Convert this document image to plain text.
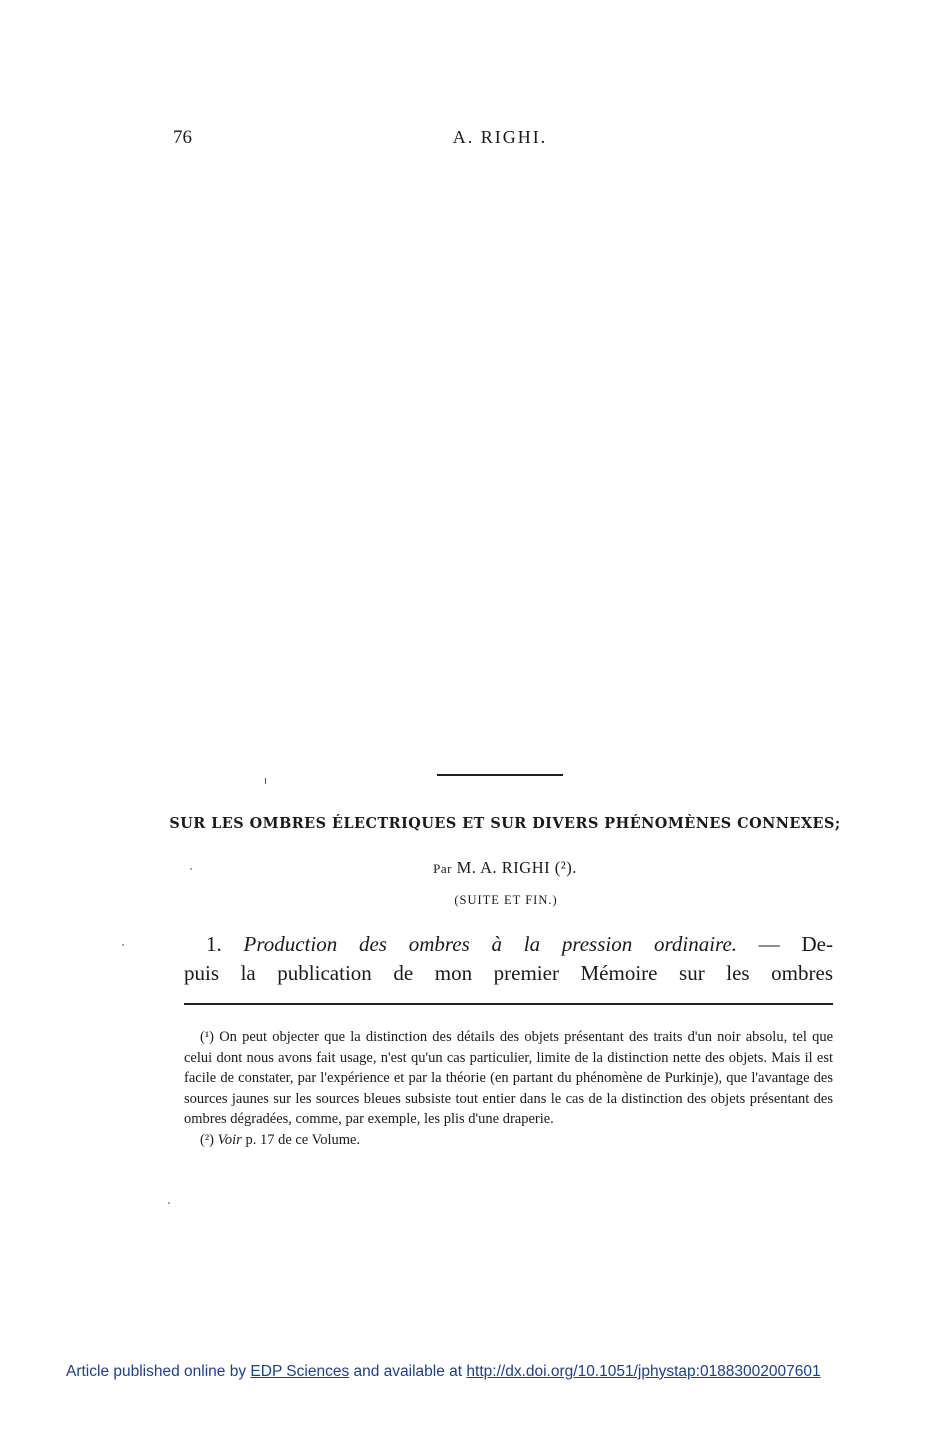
76	A. RIGHI.
SUR LES OMBRES ÉLECTRIQUES ET SUR DIVERS PHÉNOMÈNES CONNEXES;
Par M. A. RIGHI (²).
(SUITE ET FIN.)
1. Production des ombres à la pression ordinaire. — De-
puis la publication de mon premier Mémoire sur les ombres

(¹) On peut objecter que la distinction des détails des objets présentant des traits d'un noir absolu, tel que celui dont nous avons fait usage, n'est qu'un cas particulier, limite de la distinction nette des objets. Mais il est facile de constater, par l'expérience et par la théorie (en partant du phénomène de Purkinje), que l'avantage des sources jaunes sur les sources bleues subsiste tout entier dans le cas de la distinction des objets présentant des ombres dégradées, comme, par exemple, les plis d'une draperie.

(²) Voir p. 17 de ce Volume.

Article published online by EDP Sciences and available at http://dx.doi.org/10.1051/jphystap:01883002007601
